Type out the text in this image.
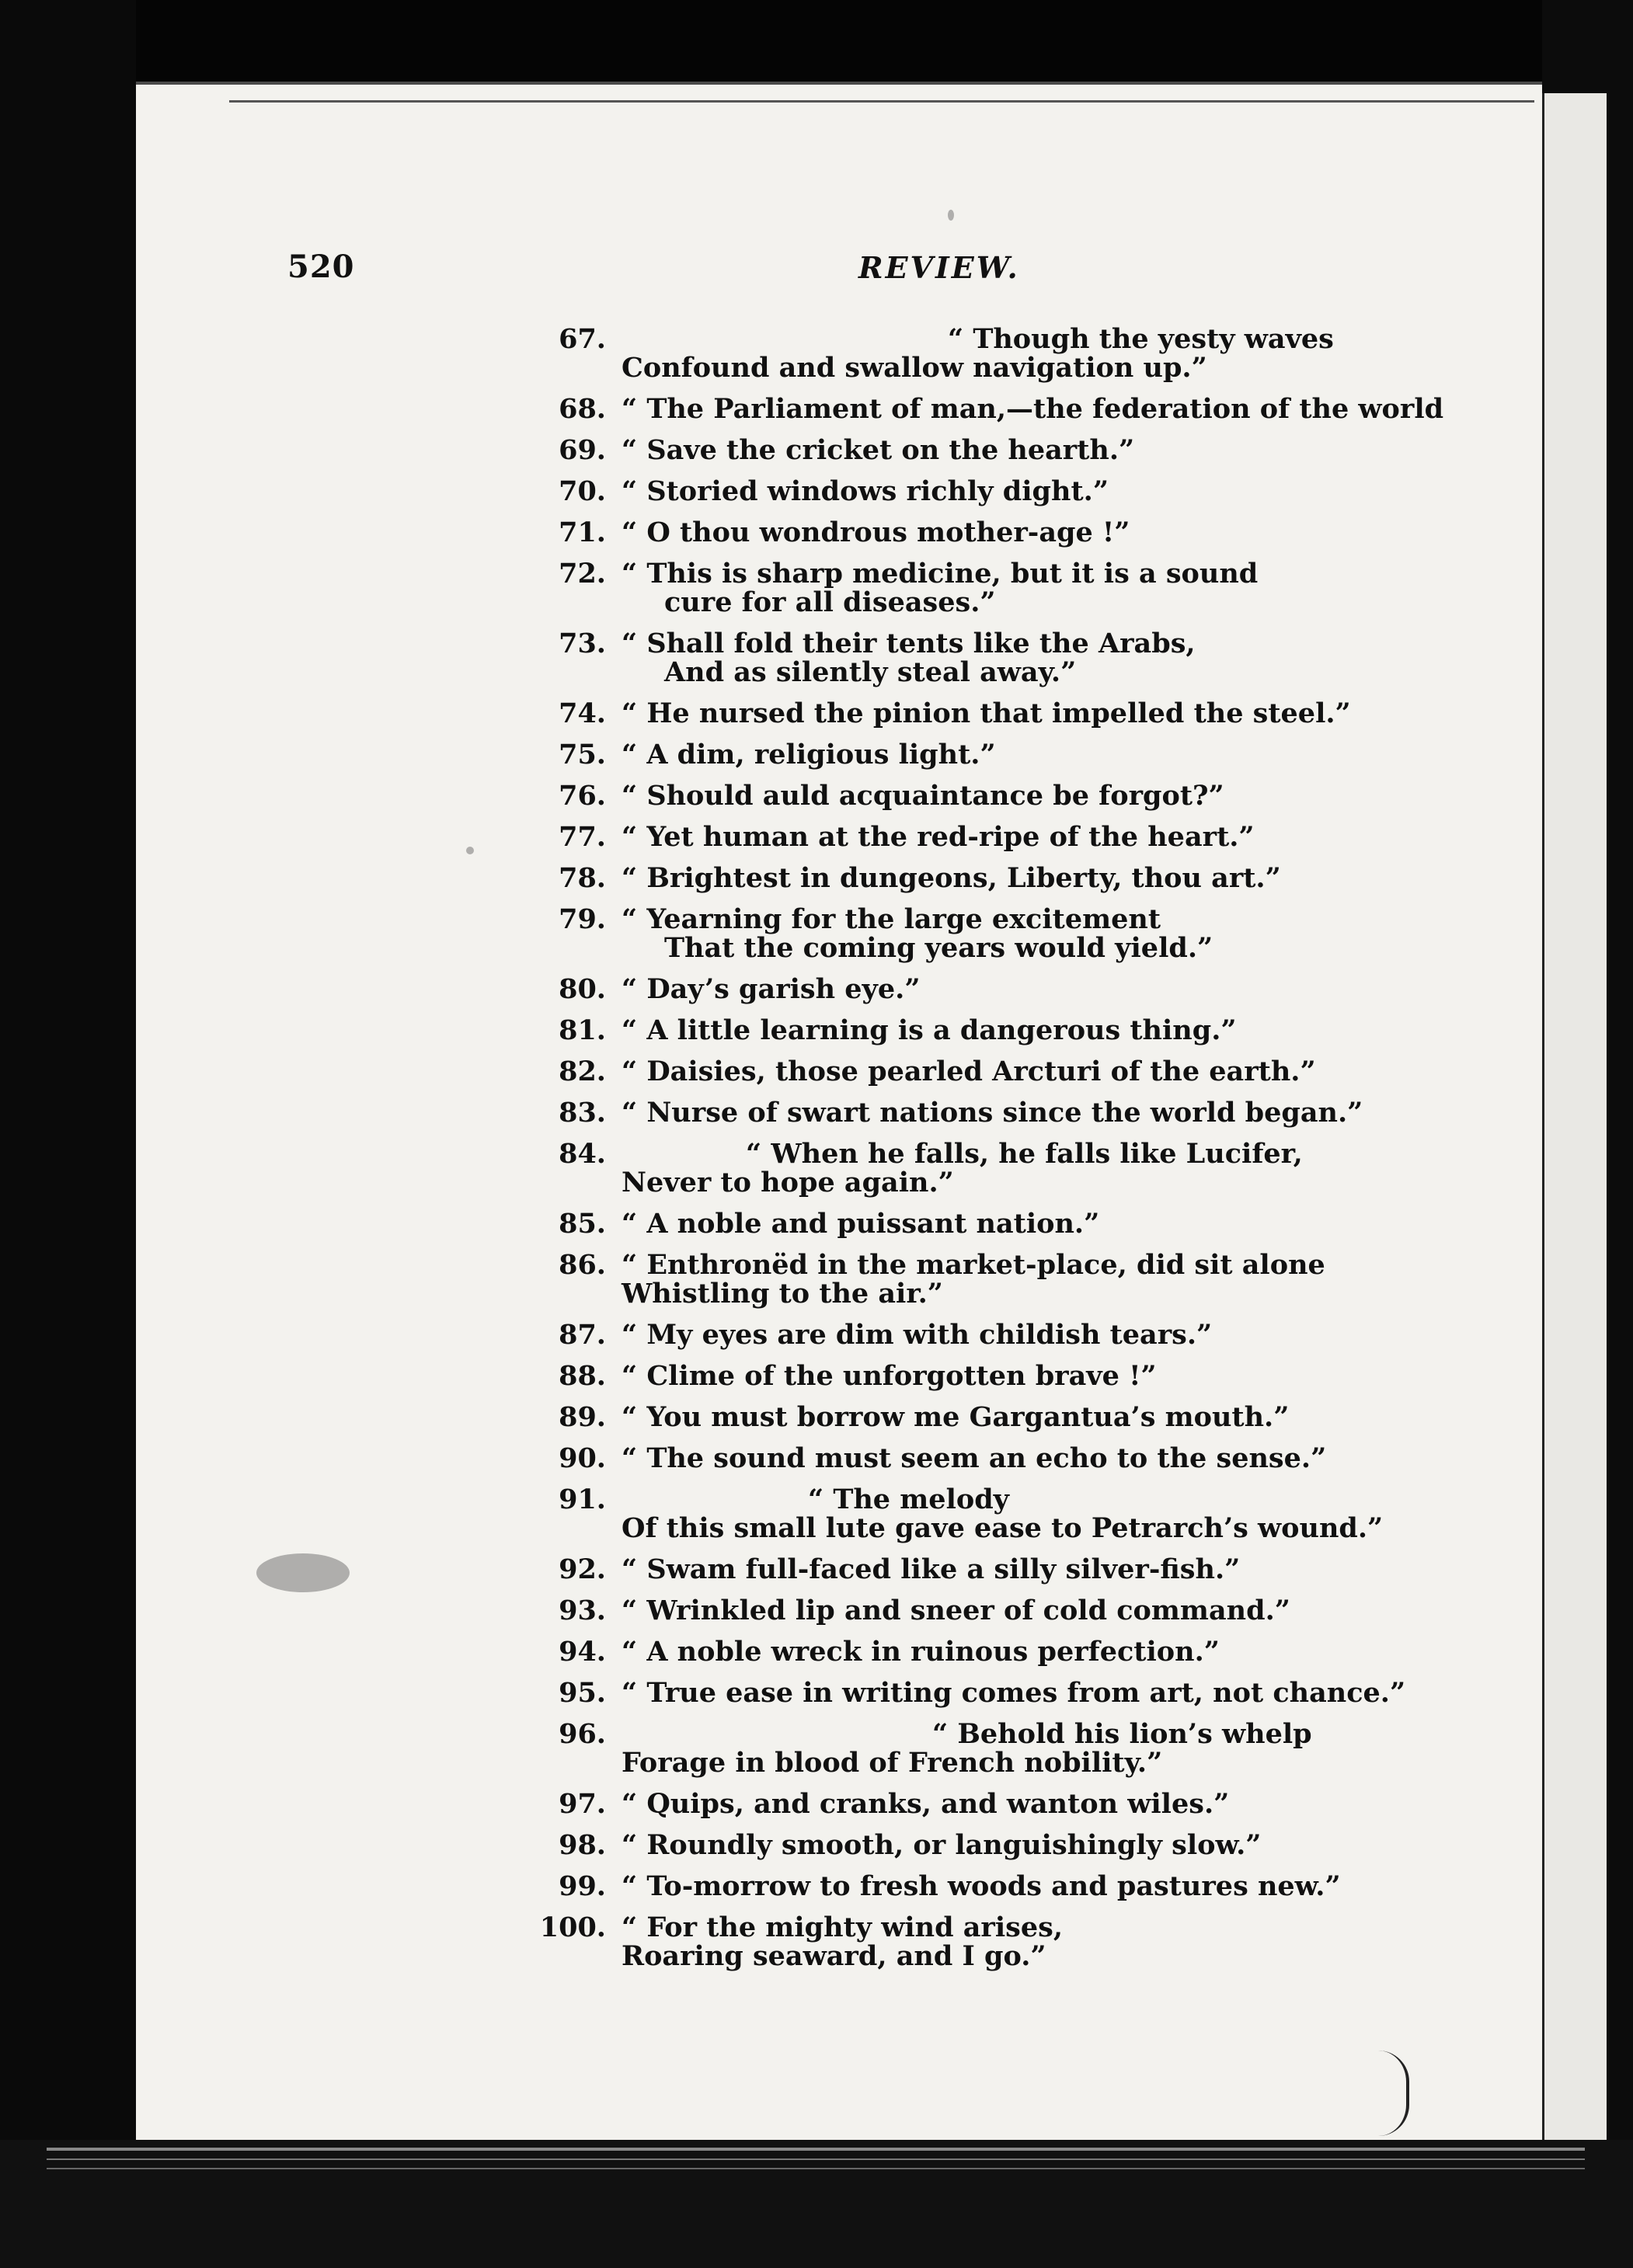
520	REVIEW.
67.	“ Though the yesty waves
Confound and swallow navigation up.”
68. “ The Parliament of man,—the federation of the world
69. “ Save the cricket on the hearth.”
70. “ Storied windows richly dight.”
71. “ O thou wondrous mother-age !”
72. “ This is sharp medicine, but it is a sound
cure for all diseases.”
73. “ Shall fold their tents like the Arabs,
And as silently steal away.”
74. “ He nursed the pinion that impelled the steel.”
75. “ A dim, religious light.”
76. “ Should auld acquaintance be forgot?”
77. “ Yet human at the red-ripe of the heart.”
78. “ Brightest in dungeons, Liberty, thou art.”
79. “ Yearning for the large excitement
That the coming years would yield.”
80. “ Day’s garish eye.”
81. “ A little learning is a dangerous thing.”
82. “ Daisies, those pearled Arcturi of the earth.”
83. “ Nurse of swart nations since the world began.”
84.	“ When he falls, he falls like Lucifer,
Never to hope again.”
85. “ A noble and puissant nation.”
86. “ Enthronëd in the market-place, did sit alone
Whistling to the air.”
87. “ My eyes are dim with childish tears.”
88. “ Clime of the unforgotten brave !”
89. “ You must borrow me Gargantua’s mouth.”
90. “ The sound must seem an echo to the sense.”
91.	“ The melody
Of this small lute gave ease to Petrarch’s wound.”
92. “ Swam full-faced like a silly silver-fish.”
93. “ Wrinkled lip and sneer of cold command.”
94. “ A noble wreck in ruinous perfection.”
95. “ True ease in writing comes from art, not chance.”
96.	“ Behold his lion’s whelp
Forage in blood of French nobility.”
97. “ Quips, and cranks, and wanton wiles.”
98. “ Roundly smooth, or languishingly slow.”
99. “ To-morrow to fresh woods and pastures new.”
100. “ For the mighty wind arises,
Roaring seaward, and I go.”
